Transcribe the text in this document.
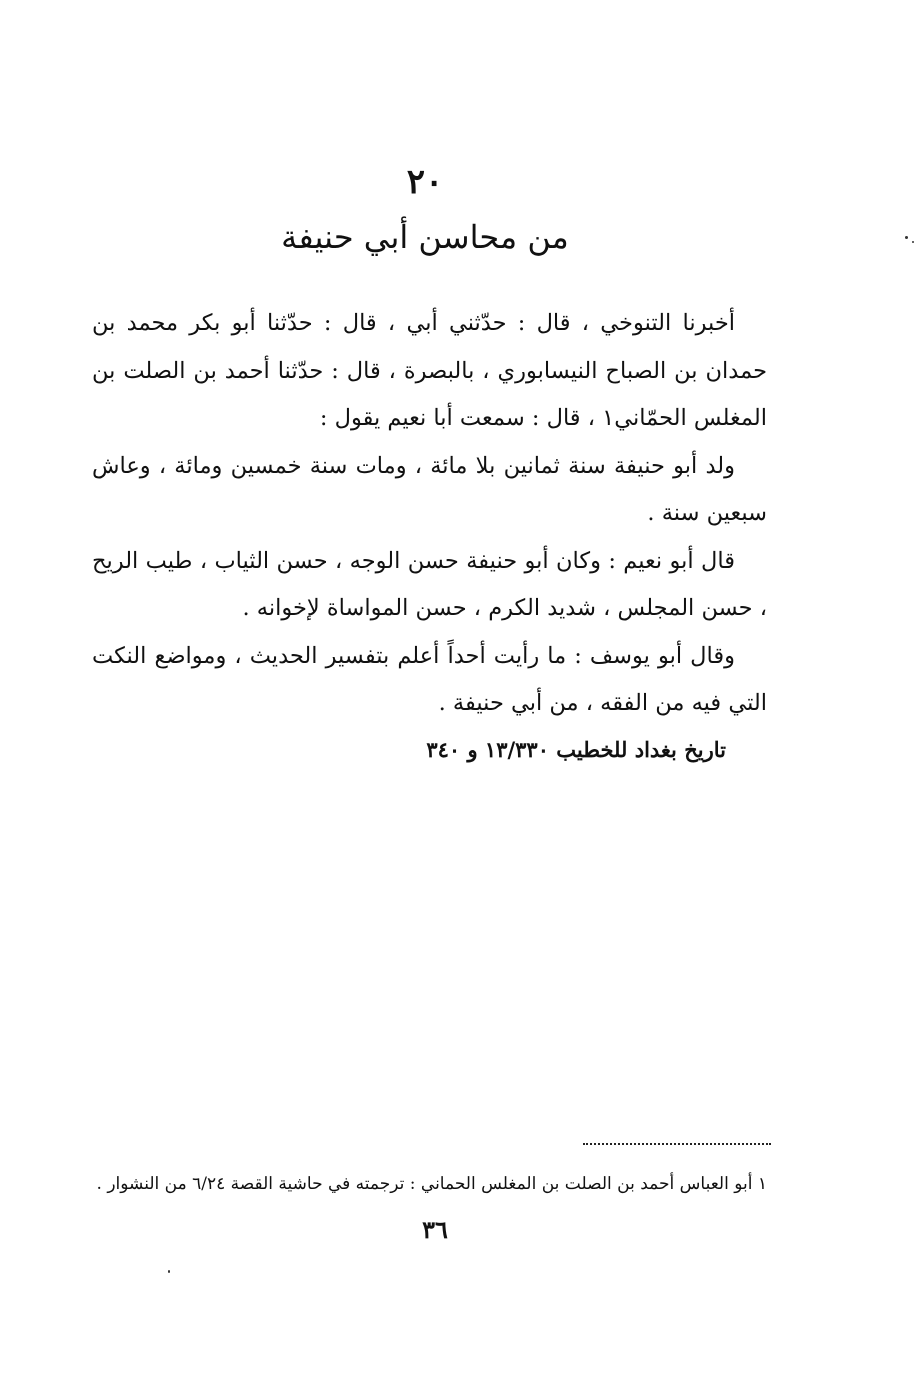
٢٠
من محاسن أبي حنيفة

أخبرنا التنوخي ، قال : حدّثني أبي ، قال : حدّثنا أبو بكر محمد بن حمدان بن الصباح النيسابوري ، بالبصرة ، قال : حدّثنا أحمد بن الصلت بن المغلس الحمّاني١ ، قال : سمعت أبا نعيم يقول :

ولد أبو حنيفة سنة ثمانين بلا مائة ، ومات سنة خمسين ومائة ، وعاش سبعين سنة .

قال أبو نعيم : وكان أبو حنيفة حسن الوجه ، حسن الثياب ، طيب الريح ، حسن المجلس ، شديد الكرم ، حسن المواساة لإخوانه .

وقال أبو يوسف : ما رأيت أحداً أعلم بتفسير الحديث ، ومواضع النكت التي فيه من الفقه ، من أبي حنيفة .

تاريخ بغداد للخطيب ١٣/٣٣٠ و ٣٤٠
١ أبو العباس أحمد بن الصلت بن المغلس الحماني : ترجمته في حاشية القصة ٦/٢٤ من النشوار .
٣٦
